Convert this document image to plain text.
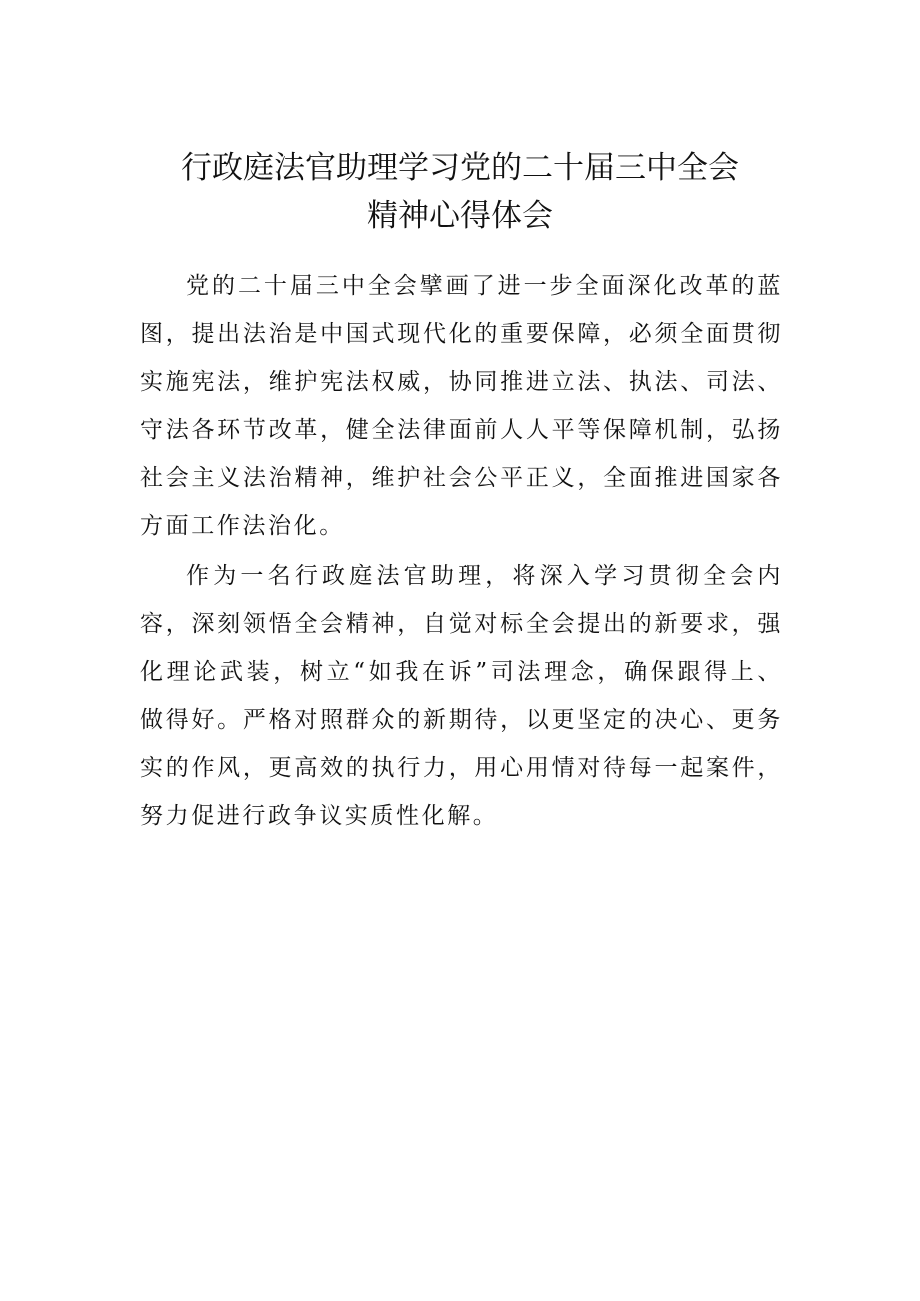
行政庭法官助理学习党的二十届三中全会
精神心得体会

党的二十届三中全会擘画了进一步全面深化改革的蓝图，提出法治是中国式现代化的重要保障，必须全面贯彻实施宪法，维护宪法权威，协同推进立法、执法、司法、守法各环节改革，健全法律面前人人平等保障机制，弘扬社会主义法治精神，维护社会公平正义，全面推进国家各方面工作法治化。

作为一名行政庭法官助理，将深入学习贯彻全会内容，深刻领悟全会精神，自觉对标全会提出的新要求，强化理论武装，树立“如我在诉”司法理念，确保跟得上、做得好。严格对照群众的新期待，以更坚定的决心、更务实的作风，更高效的执行力，用心用情对待每一起案件，努力促进行政争议实质性化解。
